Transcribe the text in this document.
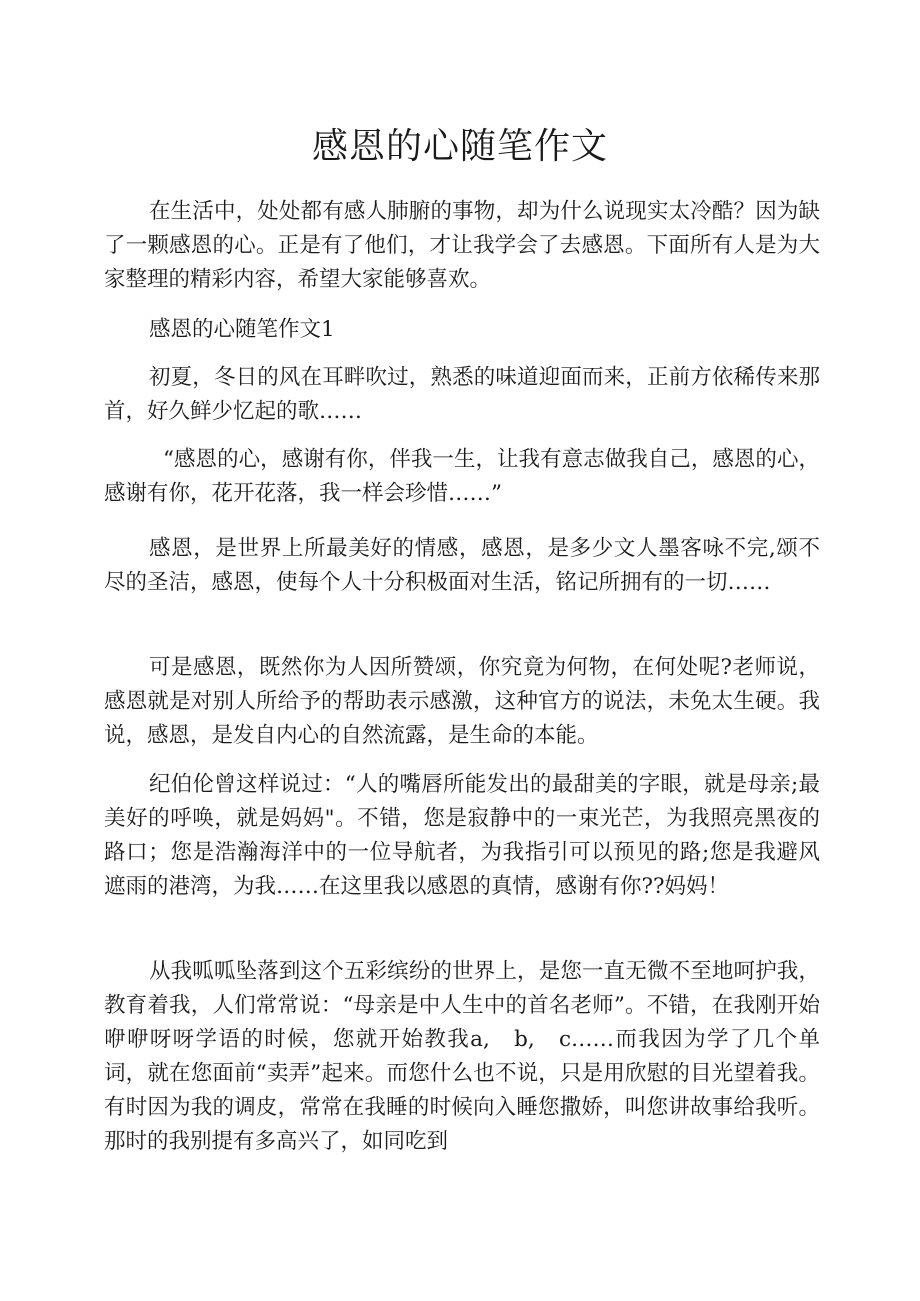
感恩的心随笔作文

在生活中，处处都有感人肺腑的事物，却为什么说现实太冷酷？因为缺了一颗感恩的心。正是有了他们，才让我学会了去感恩。下面所有人是为大家整理的精彩内容，希望大家能够喜欢。

感恩的心随笔作文1

初夏，冬日的风在耳畔吹过，熟悉的味道迎面而来，正前方依稀传来那首，好久鲜少忆起的歌……

“感恩的心，感谢有你，伴我一生，让我有意志做我自己，感恩的心，感谢有你，花开花落，我一样会珍惜……”

感恩，是世界上所最美好的情感，感恩，是多少文人墨客咏不完,颂不尽的圣洁，感恩，使每个人十分积极面对生活，铭记所拥有的一切……

可是感恩，既然你为人因所赞颂，你究竟为何物，在何处呢?老师说，感恩就是对别人所给予的帮助表示感激，这种官方的说法，未免太生硬。我说，感恩，是发自内心的自然流露，是生命的本能。

纪伯伦曾这样说过：“人的嘴唇所能发出的最甜美的字眼，就是母亲;最美好的呼唤，就是妈妈"。不错，您是寂静中的一束光芒，为我照亮黑夜的路口；您是浩瀚海洋中的一位导航者，为我指引可以预见的路;您是我避风遮雨的港湾，为我……在这里我以感恩的真情，感谢有你??妈妈！

从我呱呱坠落到这个五彩缤纷的世界上，是您一直无微不至地呵护我，教育着我，人们常常说：“母亲是中人生中的首名老师”。不错，在我刚开始咿咿呀呀学语的时候，您就开始教我a,　b,　c……而我因为学了几个单词，就在您面前“卖弄”起来。而您什么也不说，只是用欣慰的目光望着我。有时因为我的调皮，常常在我睡的时候向入睡您撒娇，叫您讲故事给我听。那时的我别提有多高兴了，如同吃到
